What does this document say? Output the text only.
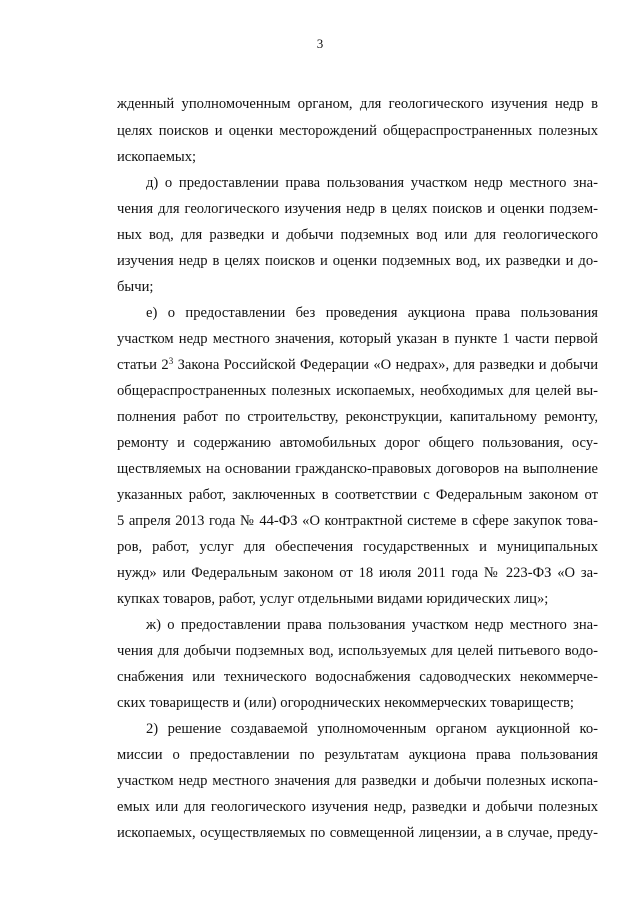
3
жденный уполномоченным органом, для геологического изучения недр в
целях поисков и оценки месторождений общераспространенных полезных
ископаемых;
д) о предоставлении права пользования участком недр местного зна-
чения для геологического изучения недр в целях поисков и оценки подзем-
ных вод, для разведки и добычи подземных вод или для геологического
изучения недр в целях поисков и оценки подземных вод, их разведки и до-
бычи;
е) о предоставлении без проведения аукциона права пользования
участком недр местного значения, который указан в пункте 1 части первой
статьи $2^3$ Закона Российской Федерации «О недрах», для разведки и добычи
общераспространенных полезных ископаемых, необходимых для целей вы-
полнения работ по строительству, реконструкции, капитальному ремонту,
ремонту и содержанию автомобильных дорог общего пользования, осу-
ществляемых на основании гражданско-правовых договоров на выполнение
указанных работ, заключенных в соответствии с Федеральным законом от
5 апреля 2013 года № 44-ФЗ «О контрактной системе в сфере закупок това-
ров, работ, услуг для обеспечения государственных и муниципальных
нужд» или Федеральным законом от 18 июля 2011 года № 223-ФЗ «О за-
купках товаров, работ, услуг отдельными видами юридических лиц»;
ж) о предоставлении права пользования участком недр местного зна-
чения для добычи подземных вод, используемых для целей питьевого водо-
снабжения или технического водоснабжения садоводческих некоммерче-
ских товариществ и (или) огороднических некоммерческих товариществ;
2) решение создаваемой уполномоченным органом аукционной ко-
миссии о предоставлении по результатам аукциона права пользования
участком недр местного значения для разведки и добычи полезных ископа-
емых или для геологического изучения недр, разведки и добычи полезных
ископаемых, осуществляемых по совмещенной лицензии, а в случае, преду-
